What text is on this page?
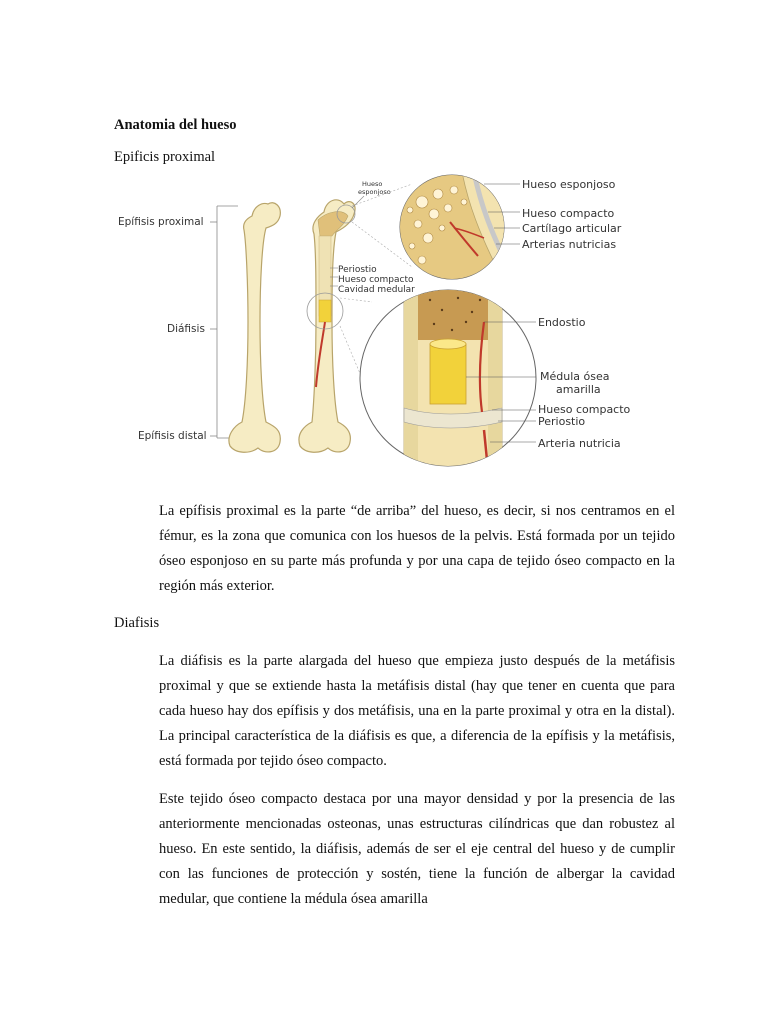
Anatomia del hueso
Epificis proximal
Epífisis proximal
Diáfisis
Epífisis distal
Hueso
esponjoso
Periostio
Hueso compacto
Cavidad medular
Hueso esponjoso
Hueso compacto
Cartílago articular
Arterias nutricias
Endostio
Médula ósea
amarilla
Hueso compacto
Periostio
Arteria nutricia

La epífisis proximal es la parte “de arriba” del hueso, es decir, si nos centramos en el fémur, es la zona que comunica con los huesos de la pelvis. Está formada por un tejido óseo esponjoso en su parte más profunda y por una capa de tejido óseo compacto en la región más exterior.

Diafisis

La diáfisis es la parte alargada del hueso que empieza justo después de la metáfisis proximal y que se extiende hasta la metáfisis distal (hay que tener en cuenta que para cada hueso hay dos epífisis y dos metáfisis, una en la parte proximal y otra en la distal). La principal característica de la diáfisis es que, a diferencia de la epífisis y la metáfisis, está formada por tejido óseo compacto.

Este tejido óseo compacto destaca por una mayor densidad y por la presencia de las anteriormente mencionadas osteonas, unas estructuras cilíndricas que dan robustez al hueso. En este sentido, la diáfisis, además de ser el eje central del hueso y de cumplir con las funciones de protección y sostén, tiene la función de albergar la cavidad medular, que contiene la médula ósea amarilla
